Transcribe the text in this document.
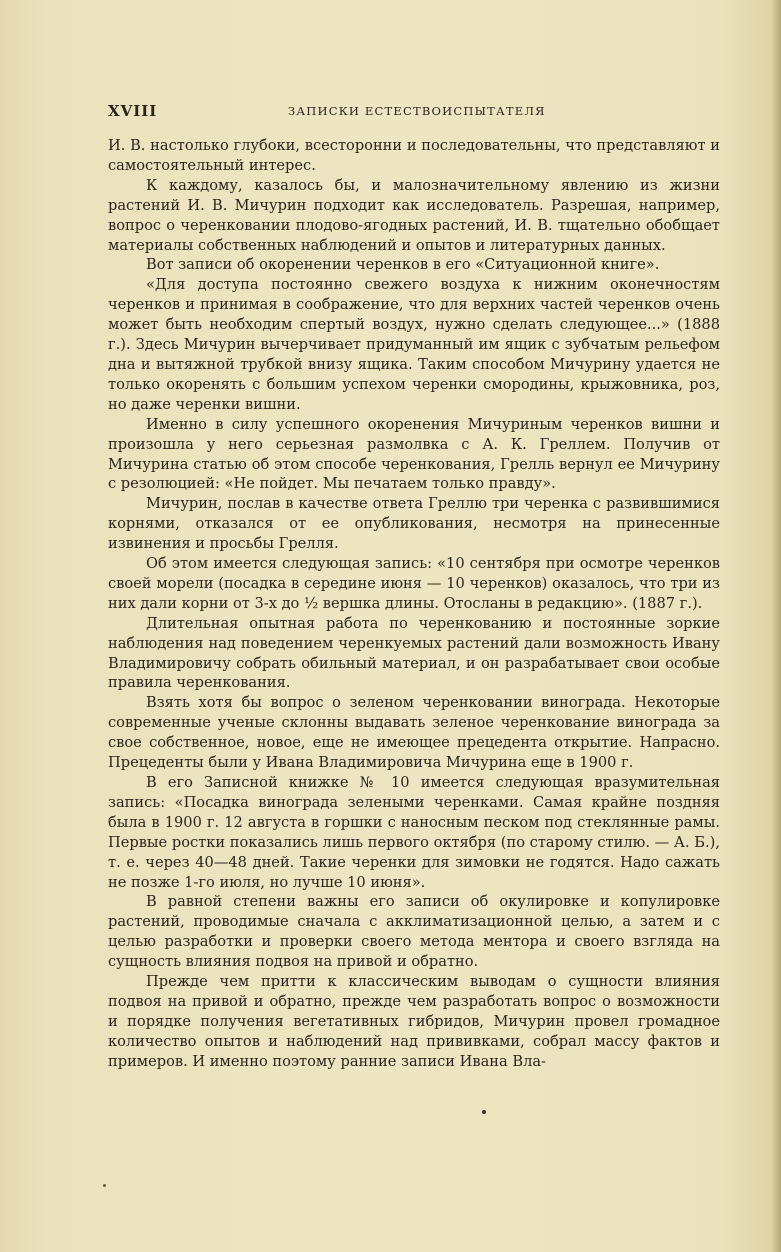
XVIII	ЗАПИСКИ ЕСТЕСТВОИСПЫТАТЕЛЯ

И. В. настолько глубоки, всесторонни и последовательны, что представляют и самостоятельный интерес.

К каждому, казалось бы, и малозначительному явлению из жизни растений И. В. Мичурин подходит как исследователь. Разрешая, например, вопрос о черенковании плодово-ягодных растений, И. В. тщательно обобщает материалы собственных наблюдений и опытов и литературных данных.

Вот записи об окоренении черенков в его «Ситуационной книге».

«Для доступа постоянно свежего воздуха к нижним оконечностям черенков и принимая в соображение, что для верхних частей черенков очень может быть необходим спертый воздух, нужно сделать следующее...» (1888 г.). Здесь Мичурин вычерчивает придуманный им ящик с зубчатым рельефом дна и вытяжной трубкой внизу ящика. Таким способом Мичурину удается не только окоренять с большим успехом черенки смородины, крыжовника, роз, но даже черенки вишни.

Именно в силу успешного окоренения Мичуриным черенков вишни и произошла у него серьезная размолвка с А. К. Греллем. Получив от Мичурина статью об этом способе черенкования, Грелль вернул ее Мичурину с резолюцией: «Не пойдет. Мы печатаем только правду».

Мичурин, послав в качестве ответа Греллю три черенка с развившимися корнями, отказался от ее опубликования, несмотря на принесенные извинения и просьбы Грелля.

Об этом имеется следующая запись: «10 сентября при осмотре черенков своей морели (посадка в середине июня — 10 черенков) оказалось, что три из них дали корни от 3-х до ½ вершка длины. Отосланы в редакцию». (1887 г.).

Длительная опытная работа по черенкованию и постоянные зоркие наблюдения над поведением черенкуемых растений дали возможность Ивану Владимировичу собрать обильный материал, и он разрабатывает свои особые правила черенкования.

Взять хотя бы вопрос о зеленом черенковании винограда. Некоторые современные ученые склонны выдавать зеленое черенкование винограда за свое собственное, новое, еще не имеющее прецедента открытие. Напрасно. Прецеденты были у Ивана Владимировича Мичурина еще в 1900 г.

В его Записной книжке № 10 имеется следующая вразумительная запись: «Посадка винограда зелеными черенками. Самая крайне поздняя была в 1900 г. 12 августа в горшки с наносным песком под стеклянные рамы. Первые ростки показались лишь первого октября (по старому стилю. — А. Б.), т. е. через 40—48 дней. Такие черенки для зимовки не годятся. Надо сажать не позже 1-го июля, но лучше 10 июня».

В равной степени важны его записи об окулировке и копулировке растений, проводимые сначала с акклиматизационной целью, а затем и с целью разработки и проверки своего метода ментора и своего взгляда на сущность влияния подвоя на привой и обратно.

Прежде чем притти к классическим выводам о сущности влияния подвоя на привой и обратно, прежде чем разработать вопрос о возможности и порядке получения вегетативных гибридов, Мичурин провел громадное количество опытов и наблюдений над прививками, собрал массу фактов и примеров. И именно поэтому ранние записи Ивана Вла-
